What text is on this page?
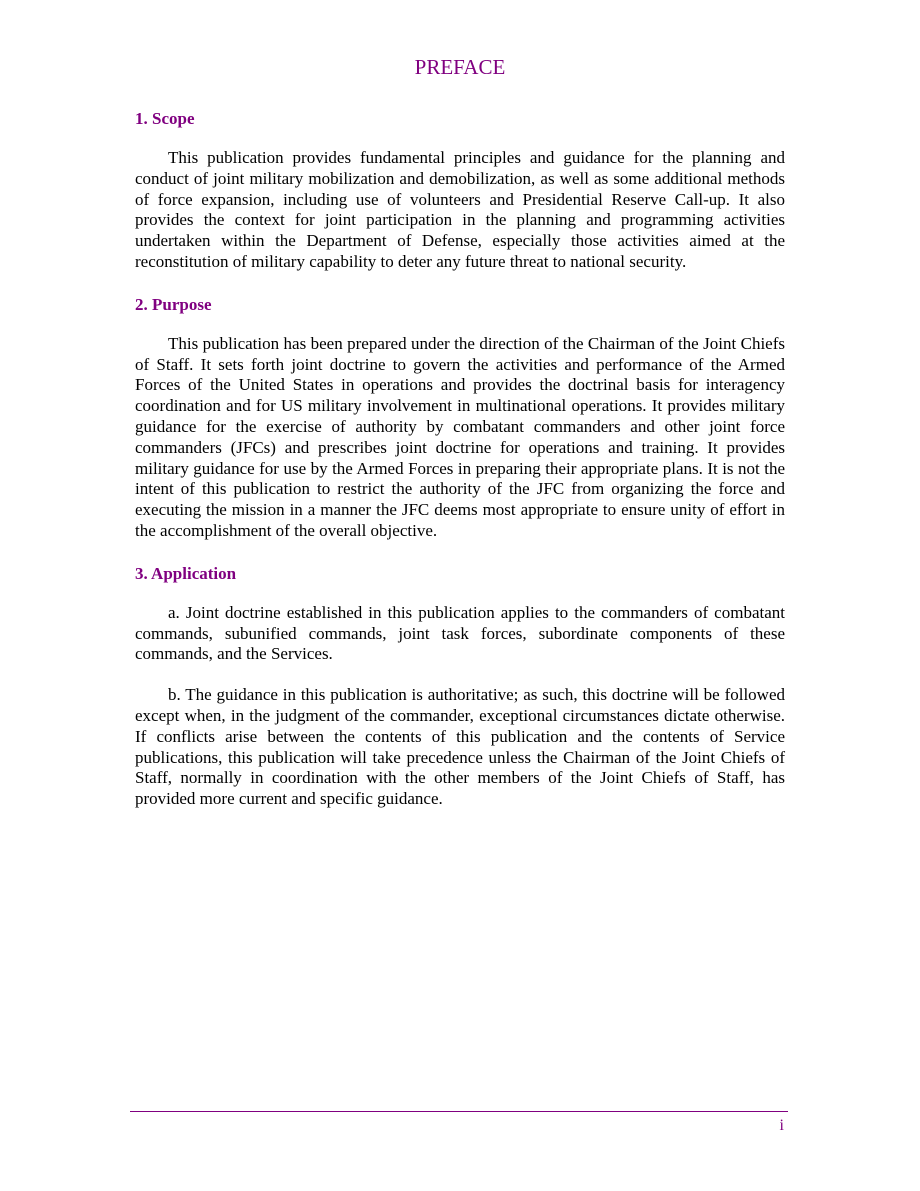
PREFACE
1. Scope

This publication provides fundamental principles and guidance for the planning and conduct of joint military mobilization and demobilization, as well as some additional methods of force expansion, including use of volunteers and Presidential Reserve Call-up. It also provides the context for joint participation in the planning and programming activities undertaken within the Department of Defense, especially those activities aimed at the reconstitution of military capability to deter any future threat to national security.

2. Purpose

This publication has been prepared under the direction of the Chairman of the Joint Chiefs of Staff. It sets forth joint doctrine to govern the activities and performance of the Armed Forces of the United States in operations and provides the doctrinal basis for interagency coordination and for US military involvement in multinational operations. It provides military guidance for the exercise of authority by combatant commanders and other joint force commanders (JFCs) and prescribes joint doctrine for operations and training. It provides military guidance for use by the Armed Forces in preparing their appropriate plans. It is not the intent of this publication to restrict the authority of the JFC from organizing the force and executing the mission in a manner the JFC deems most appropriate to ensure unity of effort in the accomplishment of the overall objective.

3. Application

a. Joint doctrine established in this publication applies to the commanders of combatant commands, subunified commands, joint task forces, subordinate components of these commands, and the Services.

b. The guidance in this publication is authoritative; as such, this doctrine will be followed except when, in the judgment of the commander, exceptional circumstances dictate otherwise. If conflicts arise between the contents of this publication and the contents of Service publications, this publication will take precedence unless the Chairman of the Joint Chiefs of Staff, normally in coordination with the other members of the Joint Chiefs of Staff, has provided more current and specific guidance.

i
